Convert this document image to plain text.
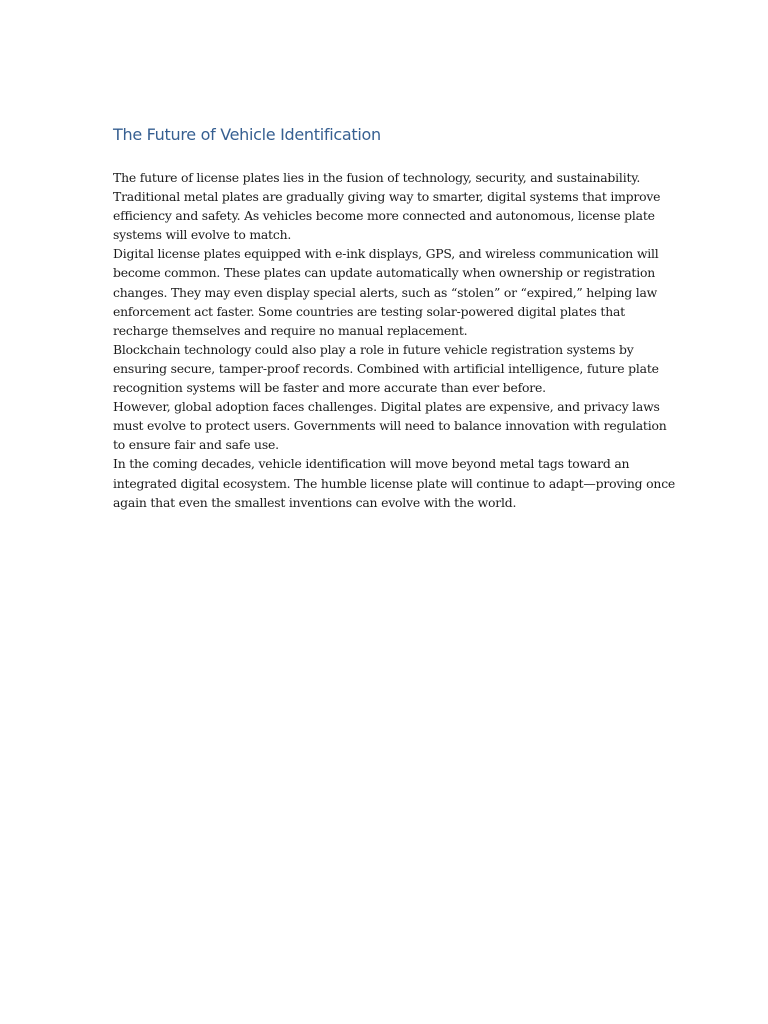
The Future of Vehicle Identification
The future of license plates lies in the fusion of technology, security, and sustainability.
Traditional metal plates are gradually giving way to smarter, digital systems that improve
efficiency and safety. As vehicles become more connected and autonomous, license plate
systems will evolve to match.
Digital license plates equipped with e-ink displays, GPS, and wireless communication will
become common. These plates can update automatically when ownership or registration
changes. They may even display special alerts, such as “stolen” or “expired,” helping law
enforcement act faster. Some countries are testing solar-powered digital plates that
recharge themselves and require no manual replacement.
Blockchain technology could also play a role in future vehicle registration systems by
ensuring secure, tamper-proof records. Combined with artificial intelligence, future plate
recognition systems will be faster and more accurate than ever before.
However, global adoption faces challenges. Digital plates are expensive, and privacy laws
must evolve to protect users. Governments will need to balance innovation with regulation
to ensure fair and safe use.
In the coming decades, vehicle identification will move beyond metal tags toward an
integrated digital ecosystem. The humble license plate will continue to adapt—proving once
again that even the smallest inventions can evolve with the world.
